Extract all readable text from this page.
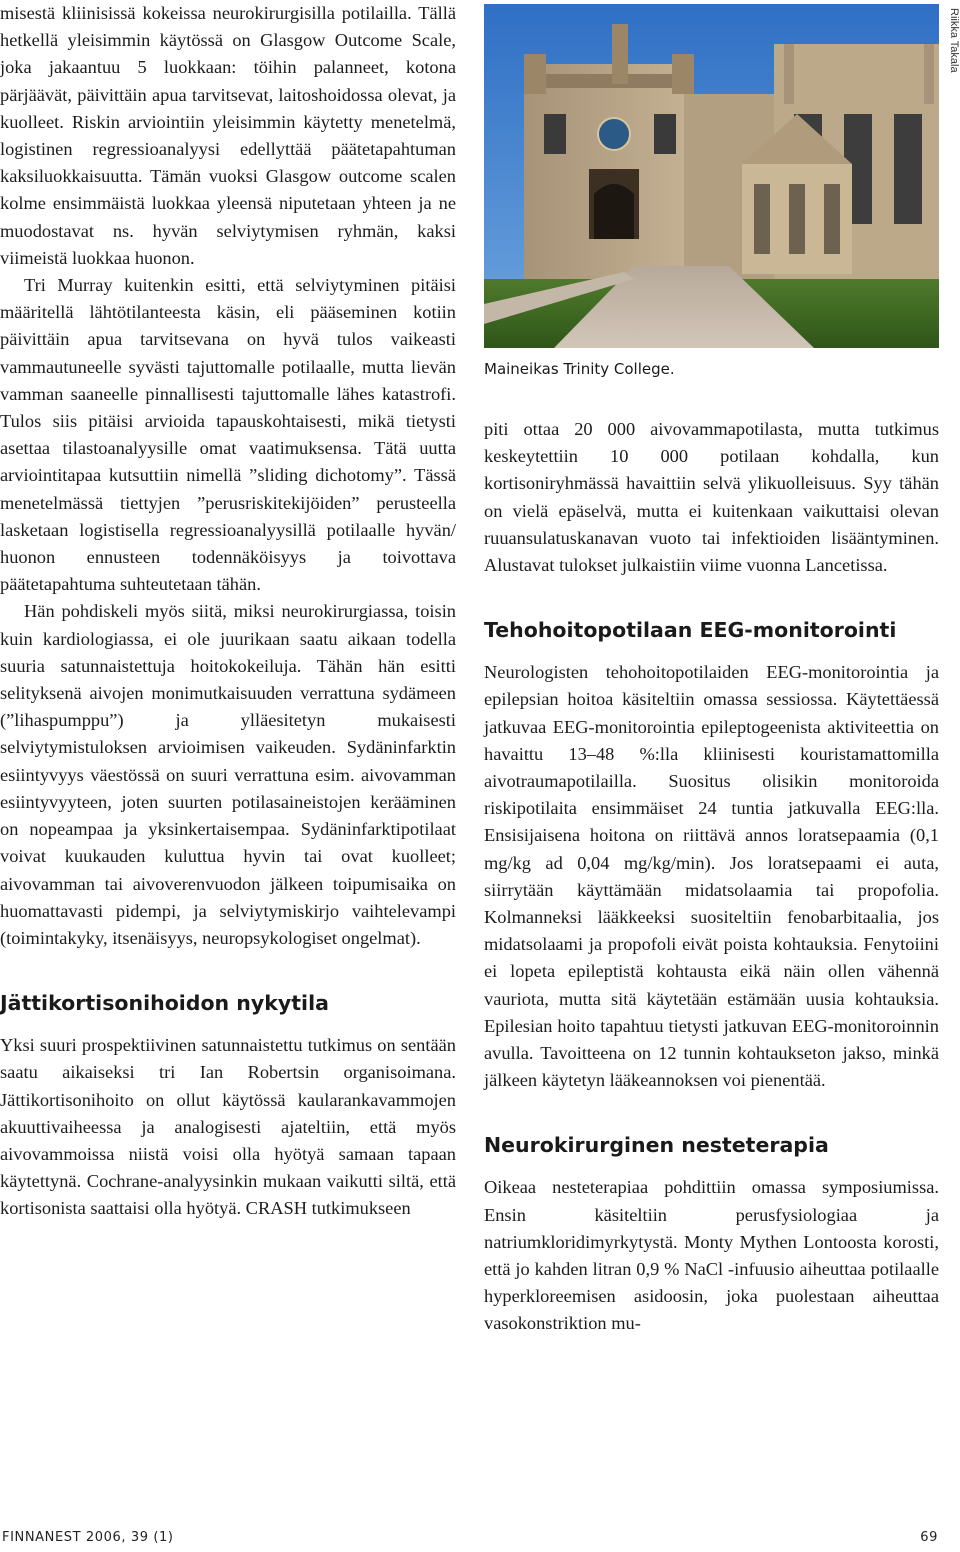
misestä kliinisissä kokeissa neurokirurgisilla potilailla. Tällä hetkellä yleisimmin käytössä on Glasgow Outcome Scale, joka jakaantuu 5 luokkaan: töihin palanneet, kotona pärjäävät, päivittäin apua tarvitsevat, laitoshoidossa olevat, ja kuolleet. Riskin arviointiin yleisimmin käytetty menetelmä, logistinen regressioanalyysi edellyttää päätetapahtuman kaksiluokkaisuutta. Tämän vuoksi Glasgow outcome scalen kolme ensimmäistä luokkaa yleensä niputetaan yhteen ja ne muodostavat ns. hyvän selviytymisen ryhmän, kaksi viimeistä luokkaa huonon.

Tri Murray kuitenkin esitti, että selviytyminen pitäisi määritellä lähtötilanteesta käsin, eli pääseminen kotiin päivittäin apua tarvitsevana on hyvä tulos vaikeasti vammautuneelle syvästi tajuttomalle potilaalle, mutta lievän vamman saaneelle pinnallisesti tajuttomalle lähes katastrofi. Tulos siis pitäisi arvioida tapauskohtaisesti, mikä tietysti asettaa tilastoanalyysille omat vaatimuksensa. Tätä uutta arviointitapaa kutsuttiin nimellä ”sliding dichotomy”. Tässä menetelmässä tiettyjen ”perusriskitekijöiden” perusteella lasketaan logistisella regressioanalyysillä potilaalle hyvän/ huonon ennusteen todennäköisyys ja toivottava päätetapahtuma suhteutetaan tähän.

Hän pohdiskeli myös siitä, miksi neurokirurgiassa, toisin kuin kardiologiassa, ei ole juurikaan saatu aikaan todella suuria satunnaistettuja hoitokokeiluja. Tähän hän esitti selityksenä aivojen monimutkaisuuden verrattuna sydämeen (”lihaspumppu”) ja ylläesitetyn mukaisesti selviytymistuloksen arvioimisen vaikeuden. Sydäninfarktin esiintyvyys väestössä on suuri verrattuna esim. aivovamman esiintyvyyteen, joten suurten potilasaineistojen kerääminen on nopeampaa ja yksinkertaisempaa. Sydäninfarktipotilaat voivat kuukauden kuluttua hyvin tai ovat kuolleet; aivovamman tai aivoverenvuodon jälkeen toipumisaika on huomattavasti pidempi, ja selviytymiskirjo vaihtelevampi (toimintakyky, itsenäisyys, neuropsykologiset ongelmat).

Jättikortisonihoidon nykytila

Yksi suuri prospektiivinen satunnaistettu tutkimus on sentään saatu aikaiseksi tri Ian Robertsin organisoimana. Jättikortisonihoito on ollut käytössä kaularankavammojen akuuttivaiheessa ja analogisesti ajateltiin, että myös aivovammoissa niistä voisi olla hyötyä samaan tapaan käytettynä. Cochrane-analyysinkin mukaan vaikutti siltä, että kortisonista saattaisi olla hyötyä. CRASH tutkimukseen

Maineikas Trinity College.
Riikka Takala

piti ottaa 20 000 aivovammapotilasta, mutta tutkimus keskeytettiin 10 000 potilaan kohdalla, kun kortisoniryhmässä havaittiin selvä ylikuolleisuus. Syy tähän on vielä epäselvä, mutta ei kuitenkaan vaikuttaisi olevan ruuansulatuskanavan vuoto tai infektioiden lisääntyminen. Alustavat tulokset julkaistiin viime vuonna Lancetissa.

Tehohoitopotilaan EEG-monitorointi

Neurologisten tehohoitopotilaiden EEG-monitorointia ja epilepsian hoitoa käsiteltiin omassa sessiossa. Käytettäessä jatkuvaa EEG-monitorointia epileptogeenista aktiviteettia on havaittu 13–48 %:lla kliinisesti kouristamattomilla aivotraumapotilailla. Suositus olisikin monitoroida riskipotilaita ensimmäiset 24 tuntia jatkuvalla EEG:lla. Ensisijaisena hoitona on riittävä annos loratsepaamia (0,1 mg/kg ad 0,04 mg/kg/min). Jos loratsepaami ei auta, siirrytään käyttämään midatsolaamia tai propofolia. Kolmanneksi lääkkeeksi suositeltiin fenobarbitaalia, jos midatsolaami ja propofoli eivät poista kohtauksia. Fenytoiini ei lopeta epileptistä kohtausta eikä näin ollen vähennä vauriota, mutta sitä käytetään estämään uusia kohtauksia. Epilesian hoito tapahtuu tietysti jatkuvan EEG-monitoroinnin avulla. Tavoitteena on 12 tunnin kohtaukseton jakso, minkä jälkeen käytetyn lääkeannoksen voi pienentää.

Neurokirurginen nesteterapia

Oikeaa nesteterapiaa pohdittiin omassa symposiumissa. Ensin käsiteltiin perusfysiologiaa ja natriumkloridimyrkytystä. Monty Mythen Lontoosta korosti, että jo kahden litran 0,9 % NaCl -infuusio aiheuttaa potilaalle hyperkloreemisen asidoosin, joka puolestaan aiheuttaa vasokonstriktion mu-

FINNANEST 2006, 39 (1)	69
